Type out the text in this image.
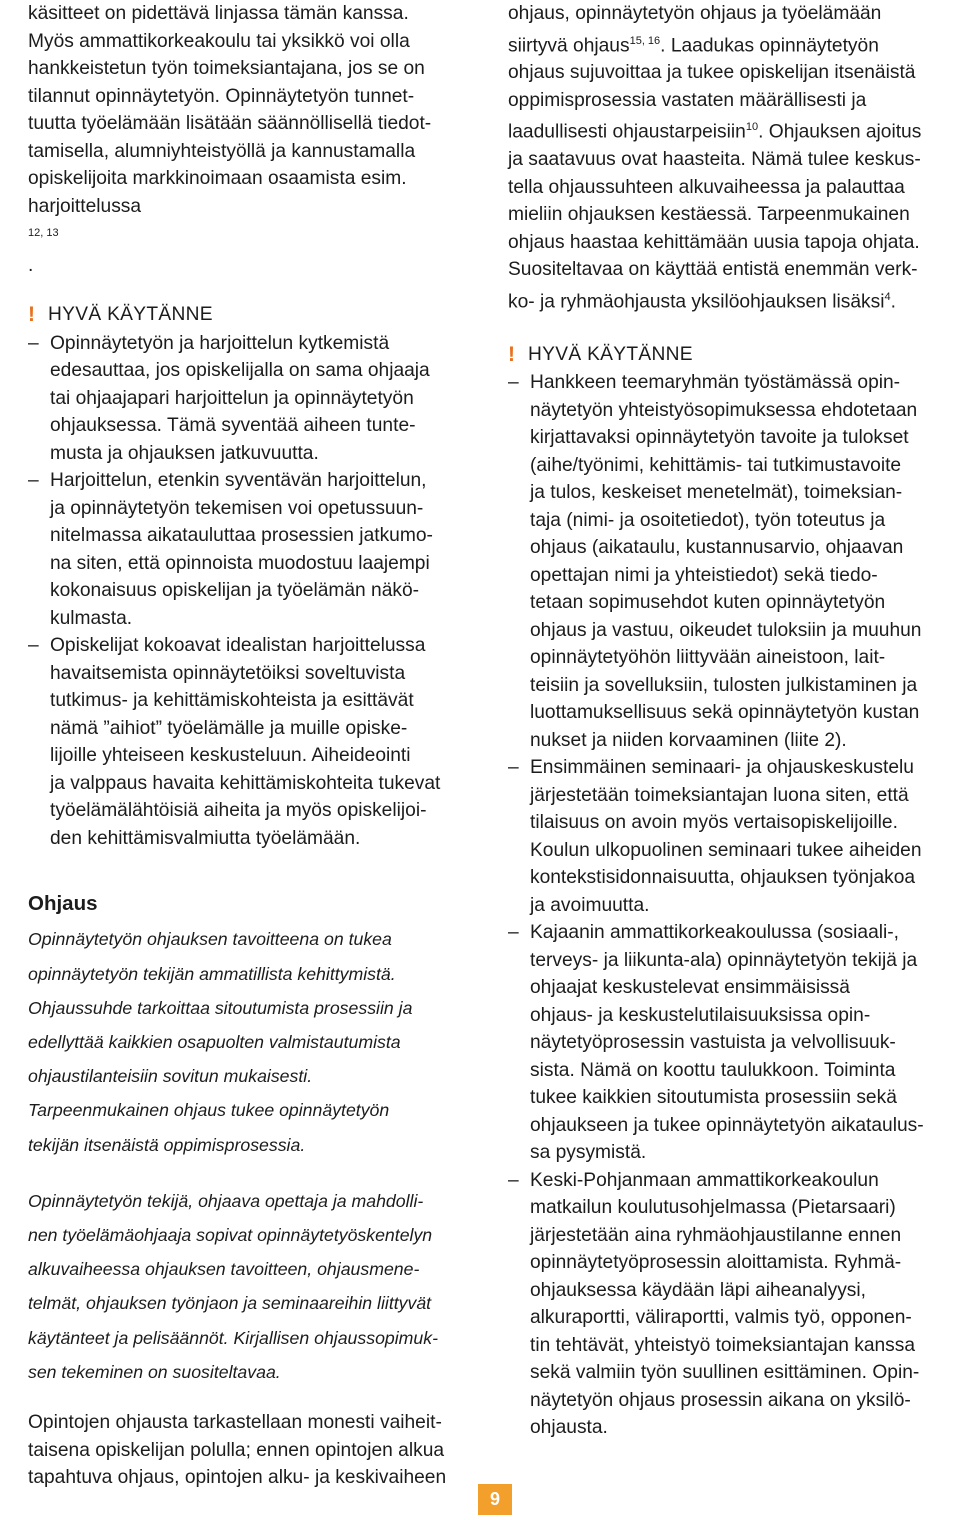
käsitteet on pidettävä linjassa tämän kanssa.
Myös ammattikorkeakoulu tai yksikkö voi olla
hankkeistetun työn toimeksiantajana, jos se on
tilannut opinnäytetyön. Opinnäytetyön tunnet-
tuutta työelämään lisätään säännöllisellä tiedot-
tamisella, alumniyhteistyöllä ja kannustamalla
opiskelijoita markkinoimaan osaamista esim.
harjoittelussa
$^{12, 13}$
.
! HYVÄ KÄYTÄNNE
– Opinnäytetyön ja harjoittelun kytkemistä
edesauttaa, jos opiskelijalla on sama ohjaaja
tai ohjaajapari harjoittelun ja opinnäytetyön
ohjauksessa. Tämä syventää aiheen tunte-
musta ja ohjauksen jatkuvuutta.
– Harjoittelun, etenkin syventävän harjoittelun,
ja opinnäytetyön tekemisen voi opetussuun-
nitelmassa aikatauluttaa prosessien jatkumo-
na siten, että opinnoista muodostuu laajempi
kokonaisuus opiskelijan ja työelämän näkö-
kulmasta.
– Opiskelijat kokoavat idealistan harjoittelussa
havaitsemista opinnäytetöiksi soveltuvista
tutkimus- ja kehittämiskohteista ja esittävät
nämä ”aihiot” työelämälle ja muille opiske-
lijoille yhteiseen keskusteluun. Aiheideointi
ja valppaus havaita kehittämiskohteita tukevat
työelämälähtöisiä aiheita ja myös opiskelijoi-
den kehittämisvalmiutta työelämään.
Ohjaus
Opinnäytetyön ohjauksen tavoitteena on tukea
opinnäytetyön tekijän ammatillista kehittymistä.
Ohjaussuhde tarkoittaa sitoutumista prosessiin ja
edellyttää kaikkien osapuolten valmistautumista
ohjaustilanteisiin sovitun mukaisesti.
Tarpeenmukainen ohjaus tukee opinnäytetyön
tekijän itsenäistä oppimisprosessia.
Opinnäytetyön tekijä, ohjaava opettaja ja mahdolli-
nen työelämäohjaaja sopivat opinnäytetyöskentelyn
alkuvaiheessa ohjauksen tavoitteen, ohjausmene-
telmät, ohjauksen työnjaon ja seminaareihin liittyvät
käytänteet ja pelisäännöt. Kirjallisen ohjaussopimuk-
sen tekeminen on suositeltavaa.
Opintojen ohjausta tarkastellaan monesti vaiheit-
taisena opiskelijan polulla; ennen opintojen alkua
tapahtuva ohjaus, opintojen alku- ja keskivaiheen
ohjaus, opinnäytetyön ohjaus ja työelämään
siirtyvä ohjaus$^{15, 16}$. Laadukas opinnäytetyön
ohjaus sujuvoittaa ja tukee opiskelijan itsenäistä
oppimisprosessia vastaten määrällisesti ja
laadullisesti ohjaustarpeisiin$^{10}$. Ohjauksen ajoitus
ja saatavuus ovat haasteita. Nämä tulee keskus-
tella ohjaussuhteen alkuvaiheessa ja palauttaa
mieliin ohjauksen kestäessä. Tarpeenmukainen
ohjaus haastaa kehittämään uusia tapoja ohjata.
Suositeltavaa on käyttää entistä enemmän verk-
ko- ja ryhmäohjausta yksilöohjauksen lisäksi$^4$.
! HYVÄ KÄYTÄNNE
– Hankkeen teemaryhmän työstämässä opin-
näytetyön yhteistyösopimuksessa ehdotetaan
kirjattavaksi opinnäytetyön tavoite ja tulokset
(aihe/työnimi, kehittämis- tai tutkimustavoite
ja tulos, keskeiset menetelmät), toimeksian-
taja (nimi- ja osoitetiedot), työn toteutus ja
ohjaus (aikataulu, kustannusarvio, ohjaavan
opettajan nimi ja yhteistiedot) sekä tiedo-
tetaan sopimusehdot kuten opinnäytetyön
ohjaus ja vastuu, oikeudet tuloksiin ja muuhun
opinnäytetyöhön liittyvään aineistoon, lait-
teisiin ja sovelluksiin, tulosten julkistaminen ja
luottamuksellisuus sekä opinnäytetyön kustan
nukset ja niiden korvaaminen (liite 2).
– Ensimmäinen seminaari- ja ohjauskeskustelu
järjestetään toimeksiantajan luona siten, että
tilaisuus on avoin myös vertaisopiskelijoille.
Koulun ulkopuolinen seminaari tukee aiheiden
kontekstisidonnaisuutta, ohjauksen työnjakoa
ja avoimuutta.
– Kajaanin ammattikorkeakoulussa (sosiaali-,
terveys- ja liikunta-ala) opinnäytetyön tekijä ja
ohjaajat keskustelevat ensimmäisissä
ohjaus- ja keskustelutilaisuuksissa opin-
näytetyöprosessin vastuista ja velvollisuuk-
sista. Nämä on koottu taulukkoon. Toiminta
tukee kaikkien sitoutumista prosessiin sekä
ohjaukseen ja tukee opinnäytetyön aikataulus-
sa pysymistä.
– Keski-Pohjanmaan ammattikorkeakoulun
matkailun koulutusohjelmassa (Pietarsaari)
järjestetään aina ryhmäohjaustilanne ennen
opinnäytetyöprosessin aloittamista. Ryhmä-
ohjauksessa käydään läpi aiheanalyysi,
alkuraportti, väliraportti, valmis työ, opponen-
tin tehtävät, yhteistyö toimeksiantajan kanssa
sekä valmiin työn suullinen esittäminen. Opin-
näytetyön ohjaus prosessin aikana on yksilö-
ohjausta.
9
